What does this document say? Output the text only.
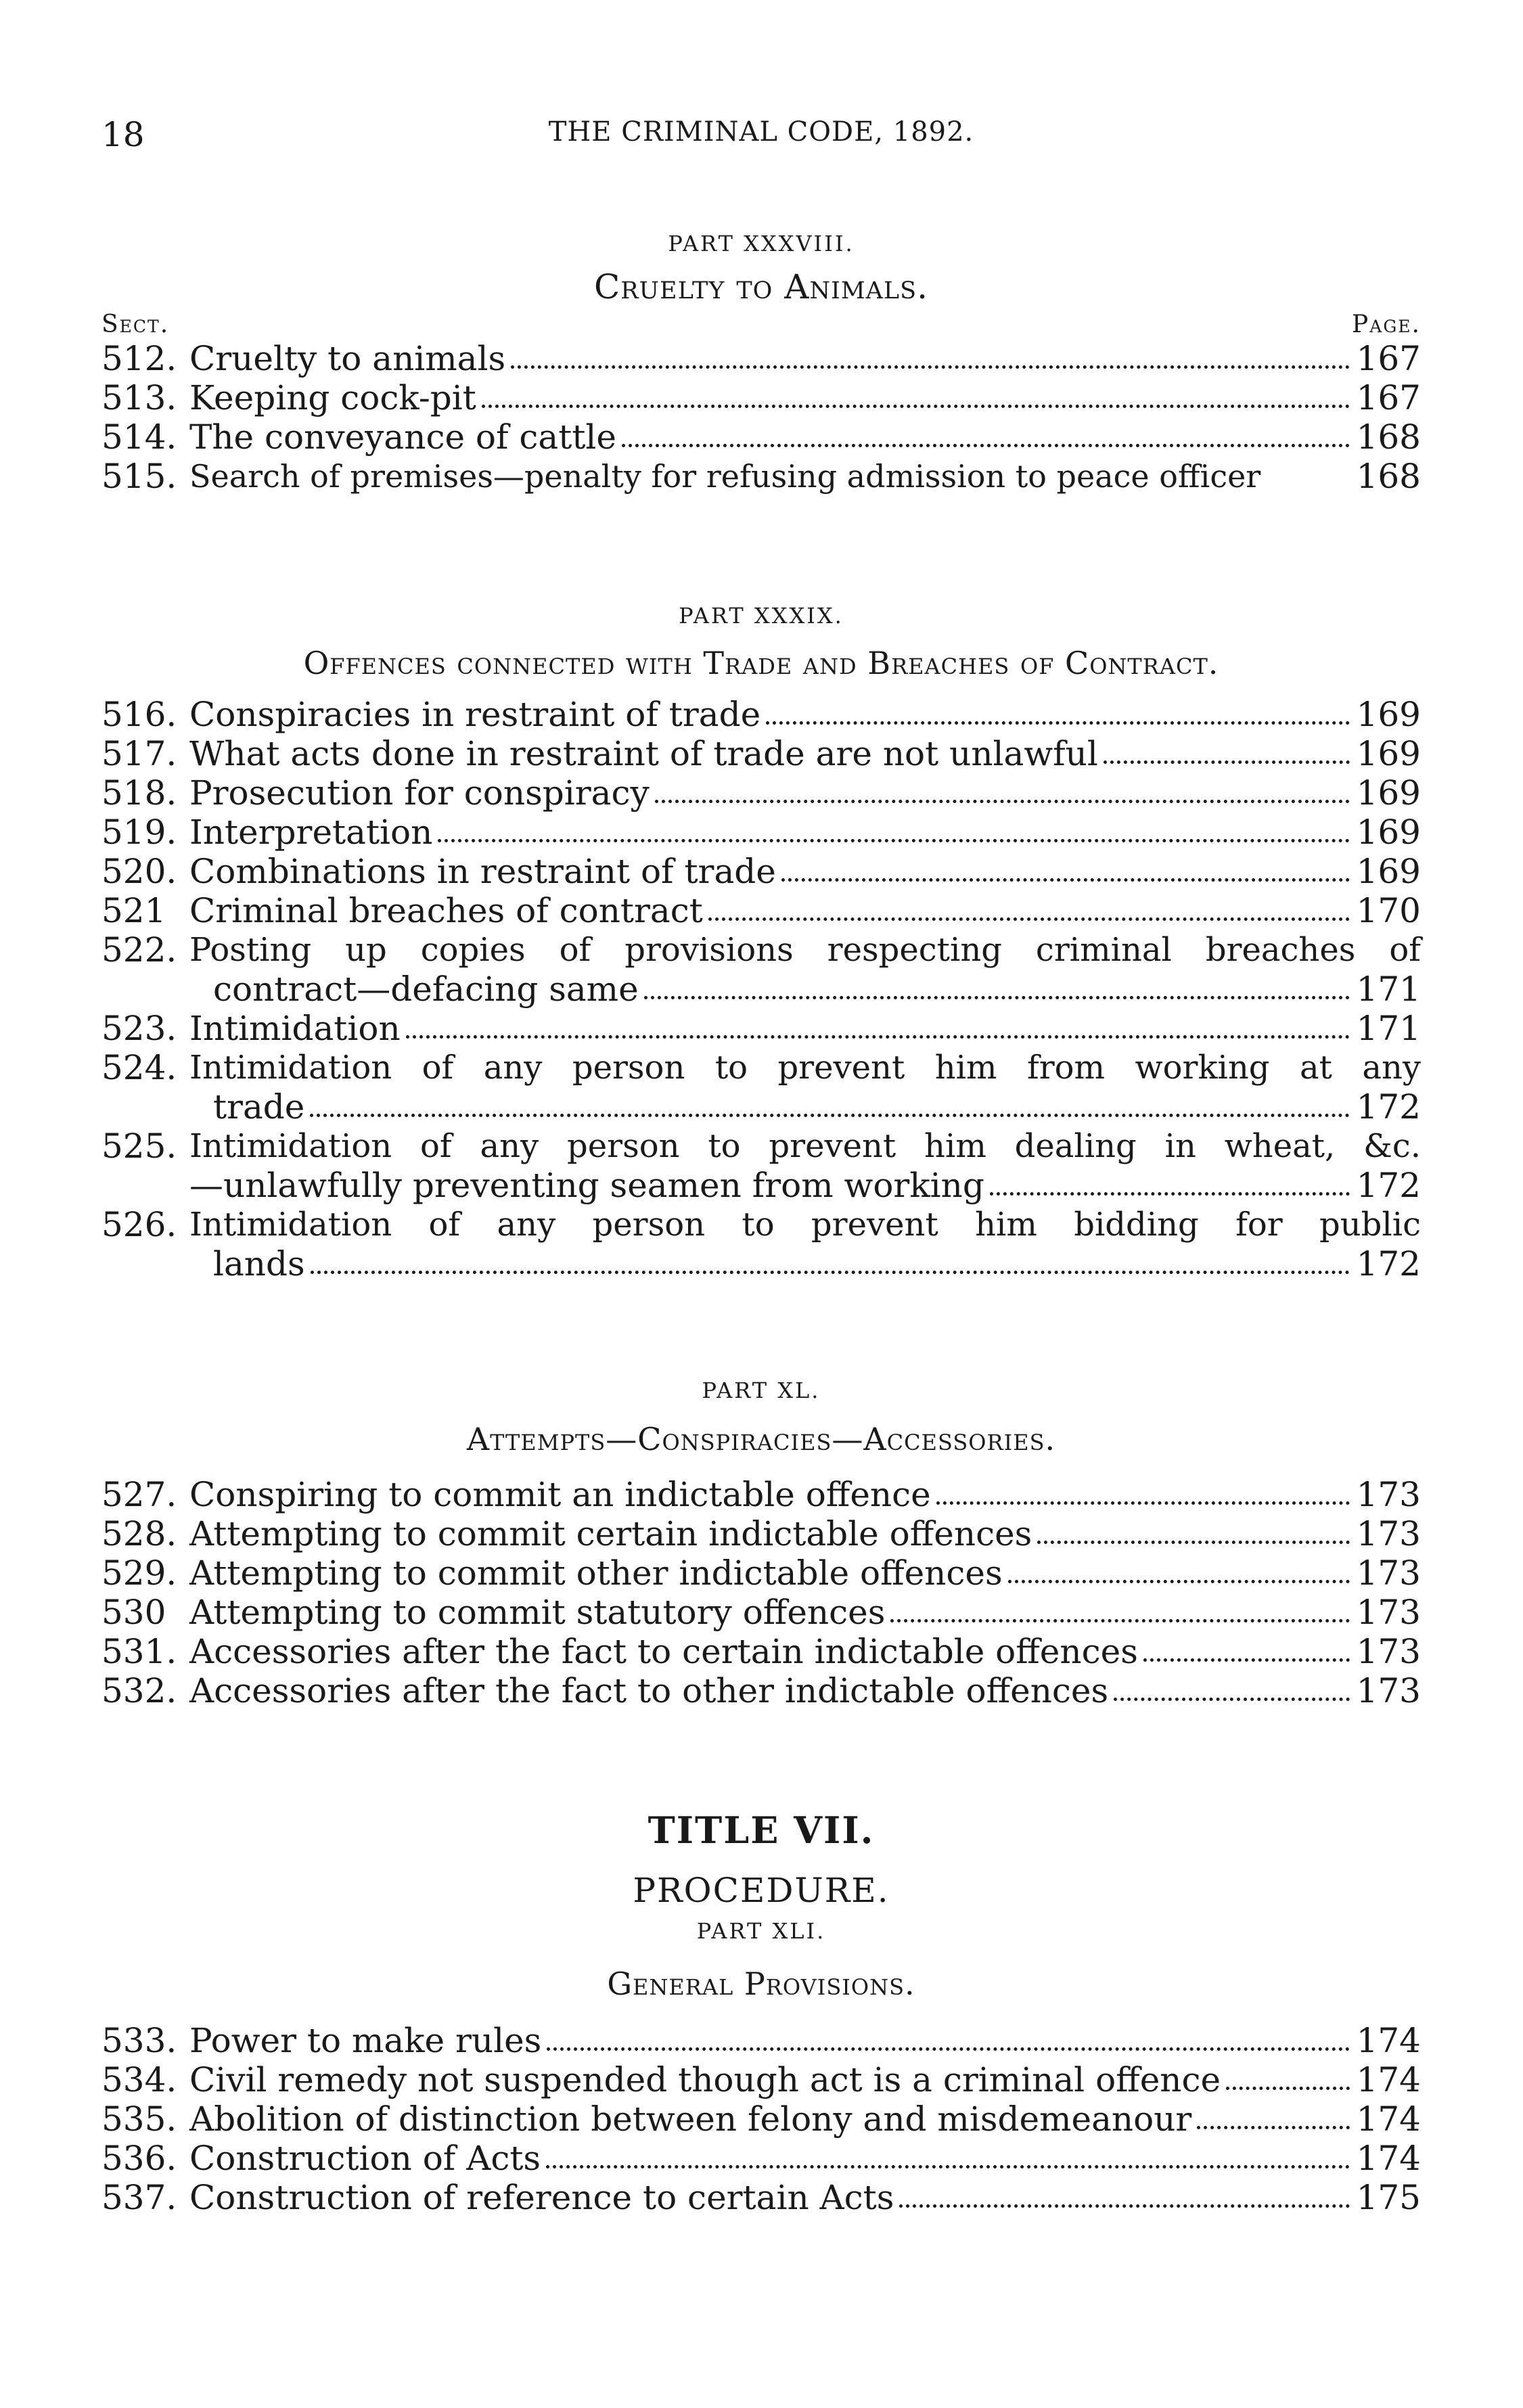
18	THE CRIMINAL CODE, 1892.
PART XXXVIII.
Cruelty to Animals.
Sect.	Page.
512. Cruelty to animals	167
513. Keeping cock-pit	167
514. The conveyance of cattle	168
515. Search of premises—penalty for refusing admission to peace officer	168
PART XXXIX.
Offences connected with Trade and Breaches of Contract.
516. Conspiracies in restraint of trade	169
517. What acts done in restraint of trade are not unlawful	169
518. Prosecution for conspiracy	169
519. Interpretation	169
520. Combinations in restraint of trade	169
521 Criminal breaches of contract	170
522. Posting up copies of provisions respecting criminal breaches of
contract—defacing same	171
523. Intimidation	171
524. Intimidation of any person to prevent him from working at any
trade	172
525. Intimidation of any person to prevent him dealing in wheat, &c.
—unlawfully preventing seamen from working	172
526. Intimidation of any person to prevent him bidding for public
lands	172
PART XL.
Attempts—Conspiracies—Accessories.
527. Conspiring to commit an indictable offence	173
528. Attempting to commit certain indictable offences	173
529. Attempting to commit other indictable offences	173
530 Attempting to commit statutory offences	173
531. Accessories after the fact to certain indictable offences	173
532. Accessories after the fact to other indictable offences	173
TITLE VII.
PROCEDURE.
PART XLI.
General Provisions.
533. Power to make rules	174
534. Civil remedy not suspended though act is a criminal offence	174
535. Abolition of distinction between felony and misdemeanour	174
536. Construction of Acts	174
537. Construction of reference to certain Acts	175
